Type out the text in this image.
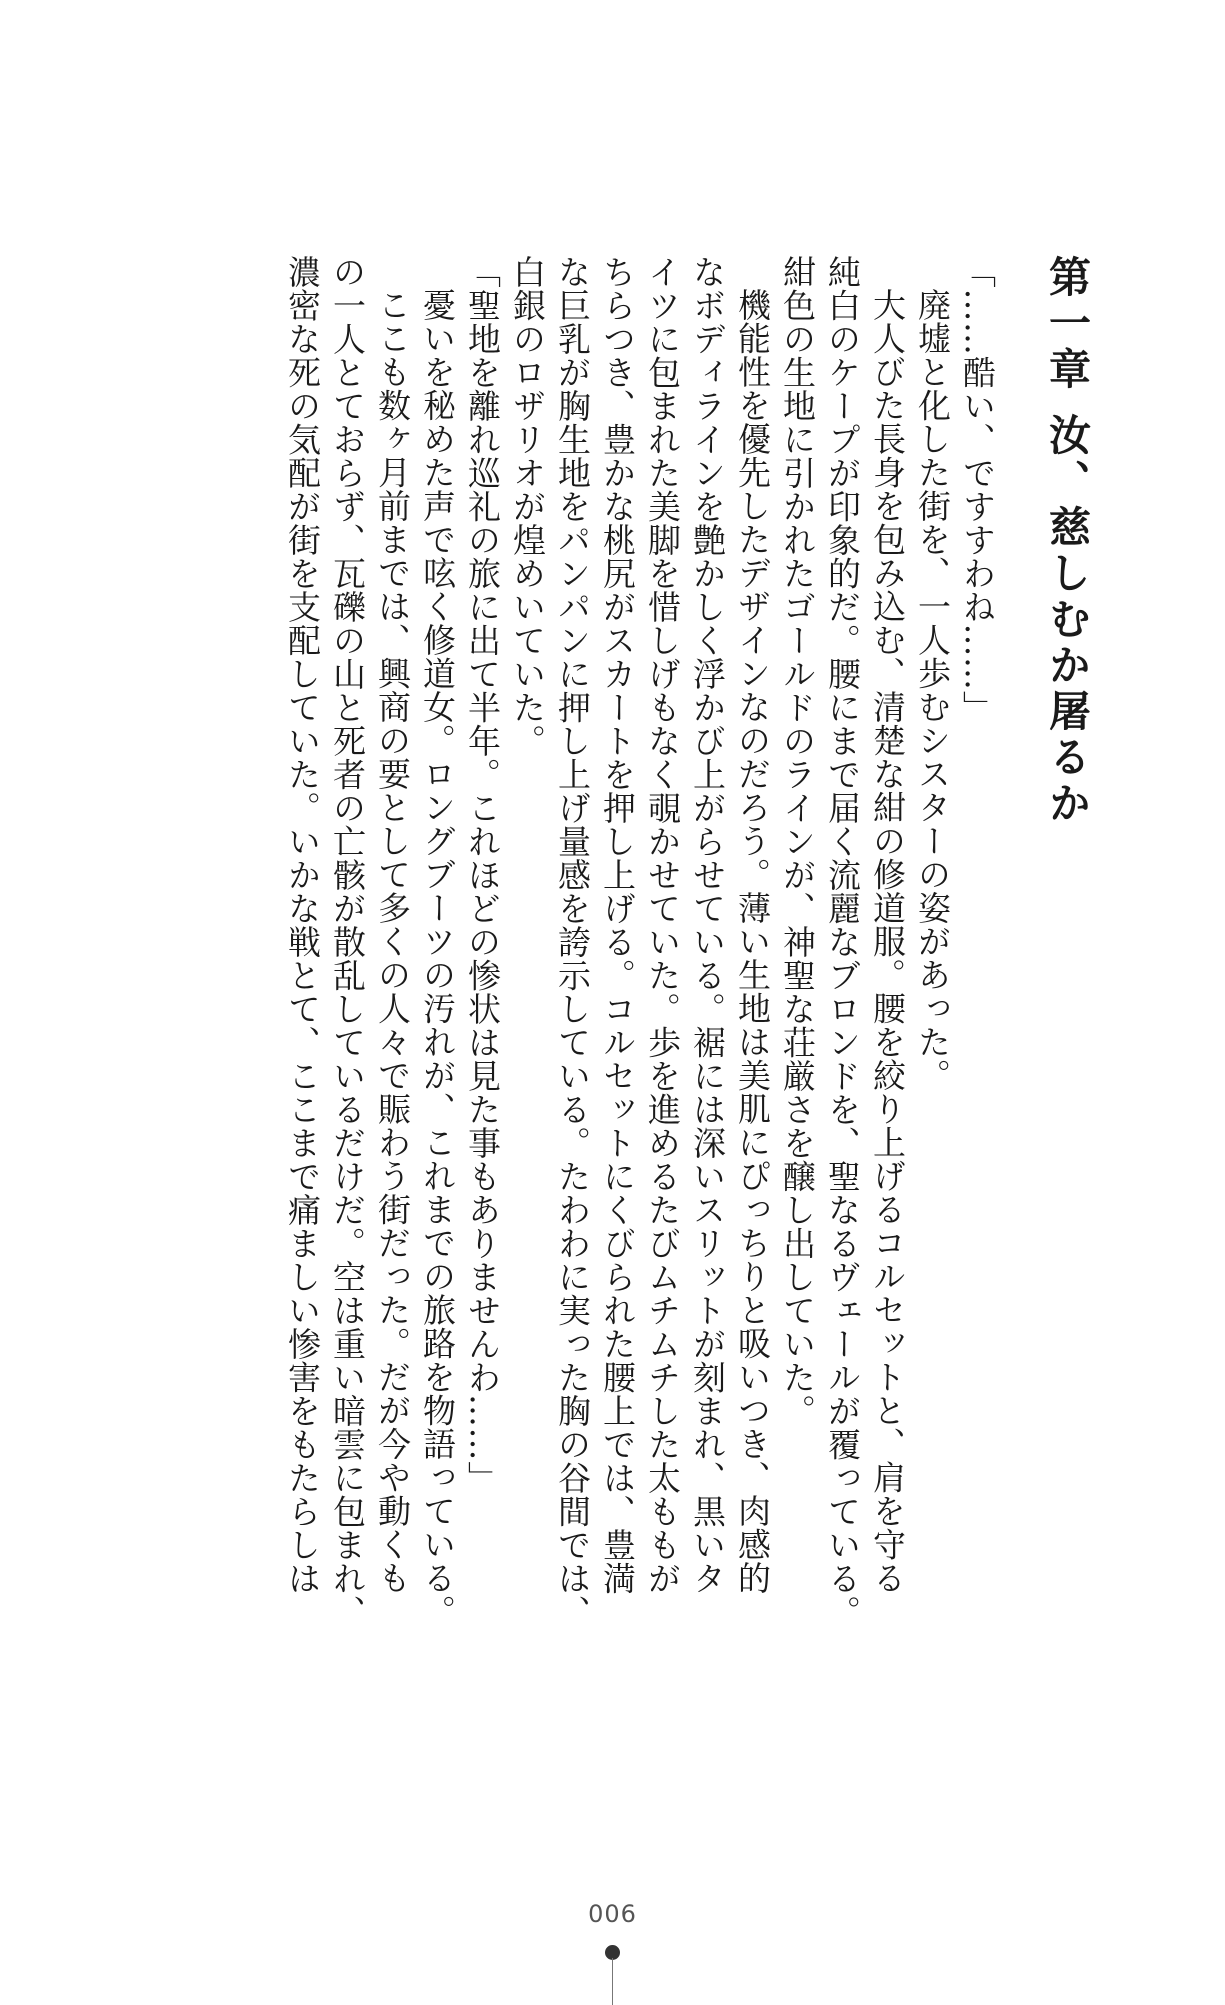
第一章汝、慈しむか屠るか
「……酷い、ですすわね……」
廃墟と化した街を、一人歩むシスターの姿があった。
大人びた長身を包み込む、清楚な紺の修道服。腰を絞り上げるコルセットと、肩を守る
純白のケープが印象的だ。腰にまで届く流麗なブロンドを、聖なるヴェールが覆っている。
紺色の生地に引かれたゴールドのラインが、神聖な荘厳さを醸し出していた。
機能性を優先したデザインなのだろう。薄い生地は美肌にぴっちりと吸いつき、肉感的
なボディラインを艶かしく浮かび上がらせている。裾には深いスリットが刻まれ、黒いタ
イツに包まれた美脚を惜しげもなく覗かせていた。歩を進めるたびムチムチした太ももが
ちらつき、豊かな桃尻がスカートを押し上げる。コルセットにくびられた腰上では、豊満
な巨乳が胸生地をパンパンに押し上げ量感を誇示している。たわわに実った胸の谷間では、
白銀のロザリオが煌めいていた。
「聖地を離れ巡礼の旅に出て半年。これほどの惨状は見た事もありませんわ……」
憂いを秘めた声で呟く修道女。ロングブーツの汚れが、これまでの旅路を物語っている。
ここも数ヶ月前までは、興商の要として多くの人々で賑わう街だった。だが今や動くも
の一人とておらず、瓦礫の山と死者の亡骸が散乱しているだけだ。空は重い暗雲に包まれ、
濃密な死の気配が街を支配していた。いかな戦とて、ここまで痛ましい惨害をもたらしは
006
